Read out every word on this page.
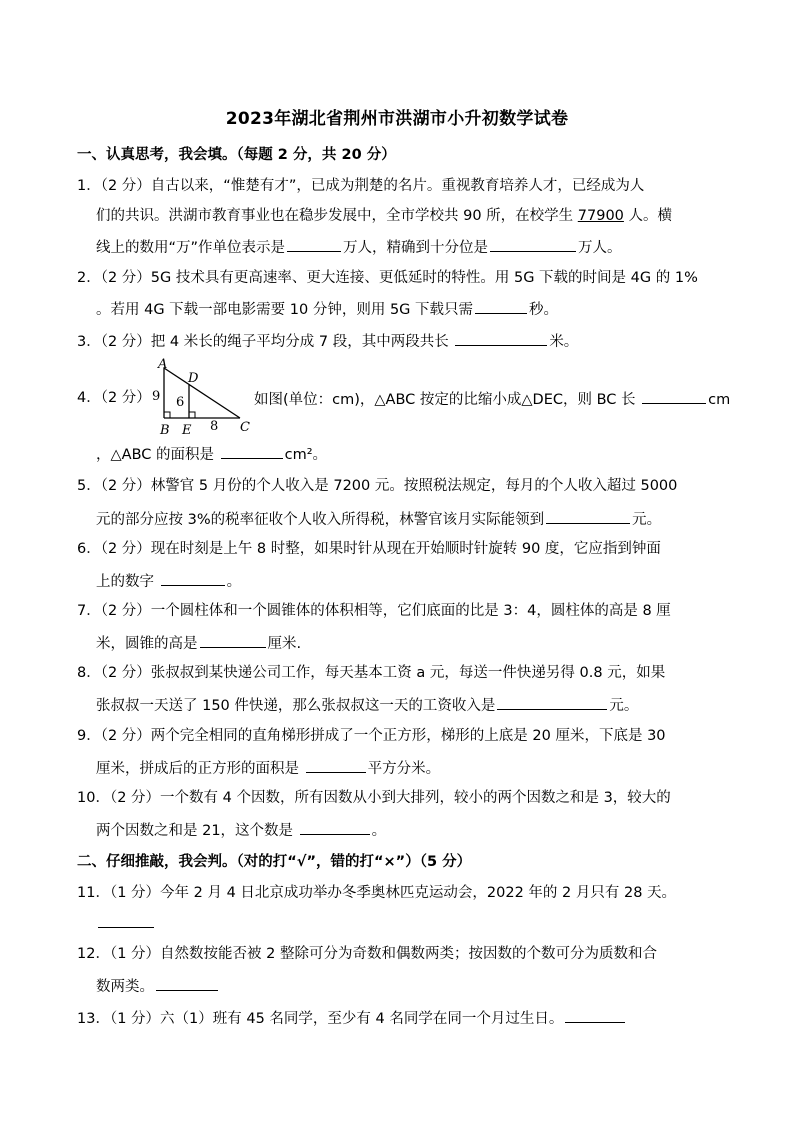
2023年湖北省荆州市洪湖市小升初数学试卷
一、认真思考，我会填。（每题 2 分，共 20 分）
1．（2 分）自古以来，“惟楚有才”，已成为荆楚的名片。重视教育培养人才，已经成为人
们的共识。洪湖市教育事业也在稳步发展中，全市学校共 90 所，在校学生 77900 人。横
线上的数用“万”作单位表示是	万人，精确到十分位是	万人。
2．（2 分）5G 技术具有更高速率、更大连接、更低延时的特性。用 5G 下载的时间是 4G 的 1%
。若用 4G 下载一部电影需要 10 分钟，则用 5G 下载只需	秒。
3．（2 分）把 4 米长的绳子平均分成 7 段，其中两段共长	米。
4．（2 分）
A
D
B E	C
9 6
8
如图(单位：cm)，△ABC 按定的比缩小成△DEC，则 BC 长	cm
，△ABC 的面积是	cm²。
5．（2 分）林警官 5 月份的个人收入是 7200 元。按照税法规定，每月的个人收入超过 5000
元的部分应按 3%的税率征收个人收入所得税，林警官该月实际能领到	元。
6．（2 分）现在时刻是上午 8 时整，如果时针从现在开始顺时针旋转 90 度，它应指到钟面
上的数字	。
7．（2 分）一个圆柱体和一个圆锥体的体积相等，它们底面的比是 3：4，圆柱体的高是 8 厘
米，圆锥的高是	厘米.
8．（2 分）张叔叔到某快递公司工作，每天基本工资 a 元，每送一件快递另得 0.8 元，如果
张叔叔一天送了 150 件快递，那么张叔叔这一天的工资收入是	元。
9．（2 分）两个完全相同的直角梯形拼成了一个正方形，梯形的上底是 20 厘米，下底是 30
厘米，拼成后的正方形的面积是	平方分米。
10．（2 分）一个数有 4 个因数，所有因数从小到大排列，较小的两个因数之和是 3，较大的
两个因数之和是 21，这个数是	。
二、仔细推敲，我会判。（对的打“√”，错的打“×”）（5 分）
11．（1 分）今年 2 月 4 日北京成功举办冬季奥林匹克运动会，2022 年的 2 月只有 28 天。
12．（1 分）自然数按能否被 2 整除可分为奇数和偶数两类；按因数的个数可分为质数和合
数两类。
13．（1 分）六（1）班有 45 名同学，至少有 4 名同学在同一个月过生日。
